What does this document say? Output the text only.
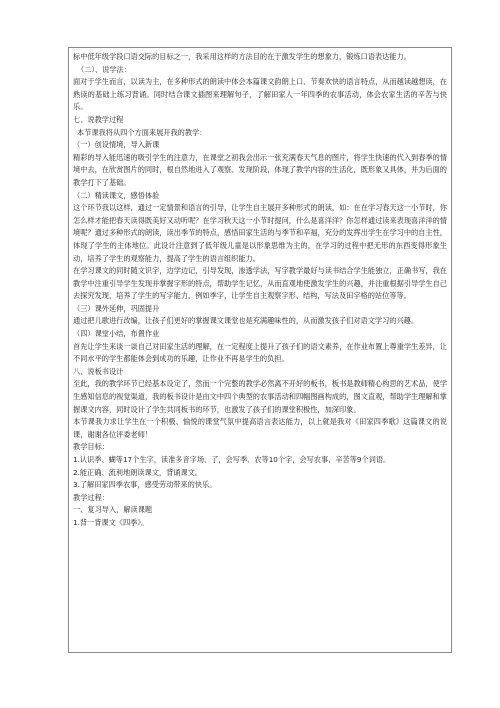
标中低年级学段口语交际的目标之一，我采用这样的方法目的在于激发学生的想象力，锻炼口语表达能力。

（二）、说学法：

面对于学生而言，以读为主，在多种形式的朗读中体会本篇课文韵朗上口、节奏欢快的语言特点，从而越读越想读，在熟读的基础上练习背诵。同时结合课文插图来理解句子，了解田家人一年四季的农事活动，体会农家生活的辛苦与快乐。

七、说教学过程

本节课我将从四个方面来展开我的教学：

（一）创设情境，导入新课

精彩的导入能迅速的吸引学生的注意力，在课堂之初我会出示一张充满春天气息的图片，将学生快速的代入到春季的情境中去，在欣赏图片的同时，根自然地进入了观察、发现阶段，体现了教学内容的生活化，既形象又具体，并为后面的教学打下了基础。

（二）精读课文，感悟体验

这个环节我以这样，通过一定情景和语言的引导，让学生自主展开多种形式的朗读，如：在在学习春天这一小节时，你怎么样才能把春天读得既美好又动听呢？在学习秋天这一小节时提问，什么是喜洋洋？你怎样通过读来表现喜洋洋的情境呢？通过多种形式的朗读，读出季节的特点，感悟田家生活的与季节和辛福，充分的发挥出学生在学习中的自主性，体现了学生的主体地位。此设计注意到了低年级儿童是以形象思维为主的，在学习的过程中把无形的东西变得形象生动，培养了学生的观察能力，提高了学生的语言组织能力。

在学习课文的同时随文识字，边学边记，引导发现，渗透学法，写字教学最好与读书结合学生能独立，正确书写，我在教学中注重引导学生发现并掌握字形的特点，帮助学生记忆，从而直观地使激发学生的兴趣，并注重根据引导学生自己去探究发现，培养了学生的写字能力，例如季字，让学生自主观察字形、结构，写法及田字格的站位等等。

（三）课外延伸，巩固提升

通过把儿歌进行改编，让孩子们更好的掌握课文课堂也是充满趣味性的，从而激发孩子们对语文学习的兴趣。

（四）课堂小结，布置作业

首先让学生来谈一谈自己对田家生活的理解，在一定程度上提升了孩子们的语文素养，在作业布置上尊重学生差异，让不同水平的学生都能体会到成功的乐趣，让作业不再是学生的负担。

八、说板书设计

至此，我的教学环节已经基本设定了，然而一个完整的教学必然离不开好的板书，板书是教师精心构思的艺术品，使学生感知信息的视觉渠道，我的板书设计是由文中四个典型的农事活动和四幅图画构成的，图文直观，帮助学生理解和掌握课文内容，同时设计了学生共同板书的环节，也激发了孩子们的课堂积极性，加深印象。

本节课我力求让学生在一个积极、愉悦的课堂气氛中提高语言表达能力，以上就是我对《田家四季歌》这篇课文的说课，谢谢各位评委老师！

教学目标：

1.认识季、蝴等17个生字，读准多音字场、了，会写季、农等10个字，会写农事、辛苦等9个词语。

2.能正确、流利地朗读课文，背诵课文。

3.了解田家四季农事，感受劳动带来的快乐。

教学过程：

一、复习导入，解读课题

1.背一背课文《四季》。
